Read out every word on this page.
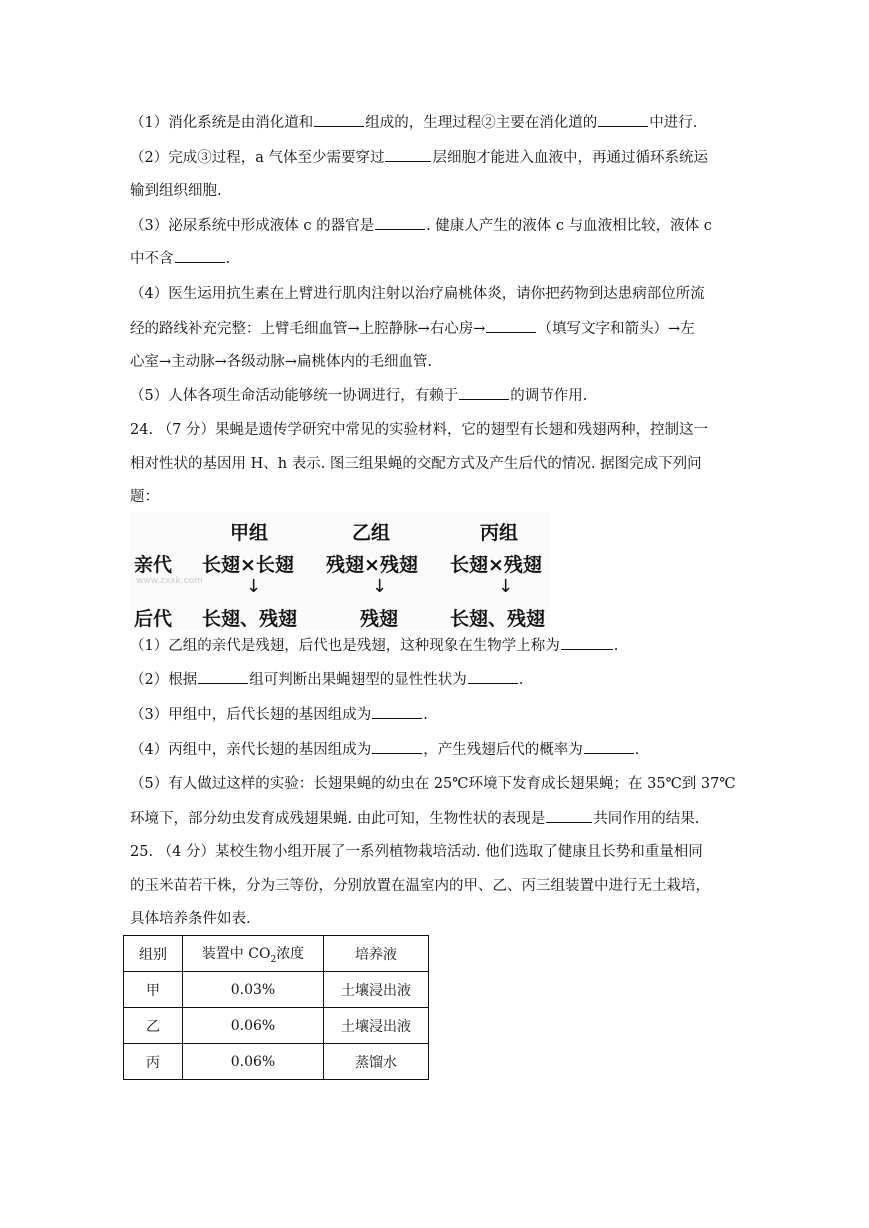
（1）消化系统是由消化道和	组成的，生理过程②主要在消化道的	中进行.
（2）完成③过程，a 气体至少需要穿过	层细胞才能进入血液中，再通过循环系统运
输到组织细胞.
（3）泌尿系统中形成液体 c 的器官是	. 健康人产生的液体 c 与血液相比较，液体 c
中不含	.
（4）医生运用抗生素在上臂进行肌肉注射以治疗扁桃体炎，请你把药物到达患病部位所流
经的路线补充完整：上臂毛细血管→上腔静脉→右心房→	（填写文字和箭头）→左
心室→主动脉→各级动脉→扁桃体内的毛细血管.
（5）人体各项生命活动能够统一协调进行，有赖于	的调节作用.
24. （7 分）果蝇是遗传学研究中常见的实验材料，它的翅型有长翅和残翅两种，控制这一
相对性状的基因用 H、h 表示. 图三组果蝇的交配方式及产生后代的情况. 据图完成下列问
题：
甲组	乙组	丙组
亲代 长翅×长翅 残翅×残翅 长翅×残翅
www.zxxk.com ↓	↓	↓
后代 长翅、残翅	残翅	长翅、残翅
（1）乙组的亲代是残翅，后代也是残翅，这种现象在生物学上称为	.
（2）根据	组可判断出果蝇翅型的显性性状为	.
（3）甲组中，后代长翅的基因组成为	.
（4）丙组中，亲代长翅的基因组成为	，产生残翅后代的概率为	.
（5）有人做过这样的实验：长翅果蝇的幼虫在 25℃环境下发育成长翅果蝇；在 35℃到 37℃
环境下，部分幼虫发育成残翅果蝇. 由此可知，生物性状的表现是	共同作用的结果.
25. （4 分）某校生物小组开展了一系列植物栽培活动. 他们选取了健康且长势和重量相同
的玉米苗若干株，分为三等份，分别放置在温室内的甲、乙、丙三组装置中进行无土栽培，
具体培养条件如表.
组别	装置中 $CO_2$浓度	培养液
甲	0.03%	土壤浸出液
乙	0.06%	土壤浸出液
丙	0.06%	蒸馏水
